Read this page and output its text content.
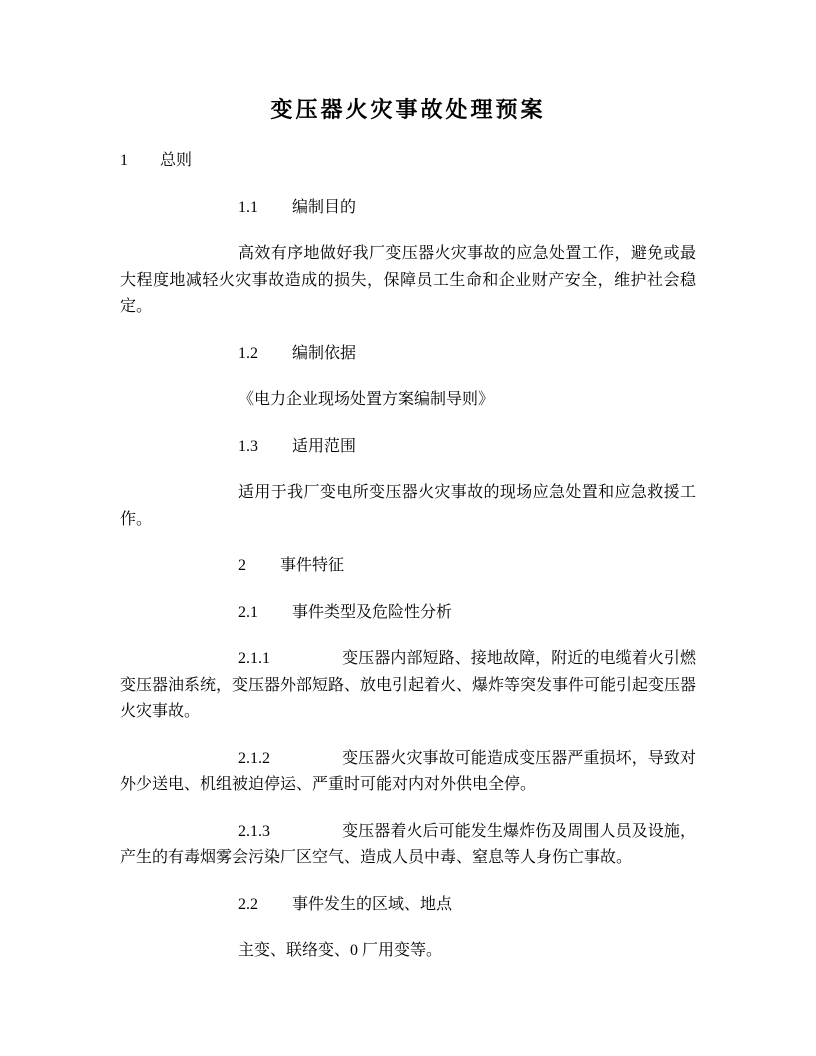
变压器火灾事故处理预案

1 总则

1.1 编制目的

高效有序地做好我厂变压器火灾事故的应急处置工作，避免或最大程度地减轻火灾事故造成的损失，保障员工生命和企业财产安全，维护社会稳定。

1.2 编制依据

《电力企业现场处置方案编制导则》

1.3 适用范围

适用于我厂变电所变压器火灾事故的现场应急处置和应急救援工作。

2 事件特征

2.1 事件类型及危险性分析

2.1.1	变压器内部短路、接地故障，附近的电缆着火引燃变压器油系统，变压器外部短路、放电引起着火、爆炸等突发事件可能引起变压器火灾事故。

2.1.2	变压器火灾事故可能造成变压器严重损坏，导致对外少送电、机组被迫停运、严重时可能对内对外供电全停。

2.1.3	变压器着火后可能发生爆炸伤及周围人员及设施，产生的有毒烟雾会污染厂区空气、造成人员中毒、窒息等人身伤亡事故。

2.2 事件发生的区域、地点

主变、联络变、0 厂用变等。
